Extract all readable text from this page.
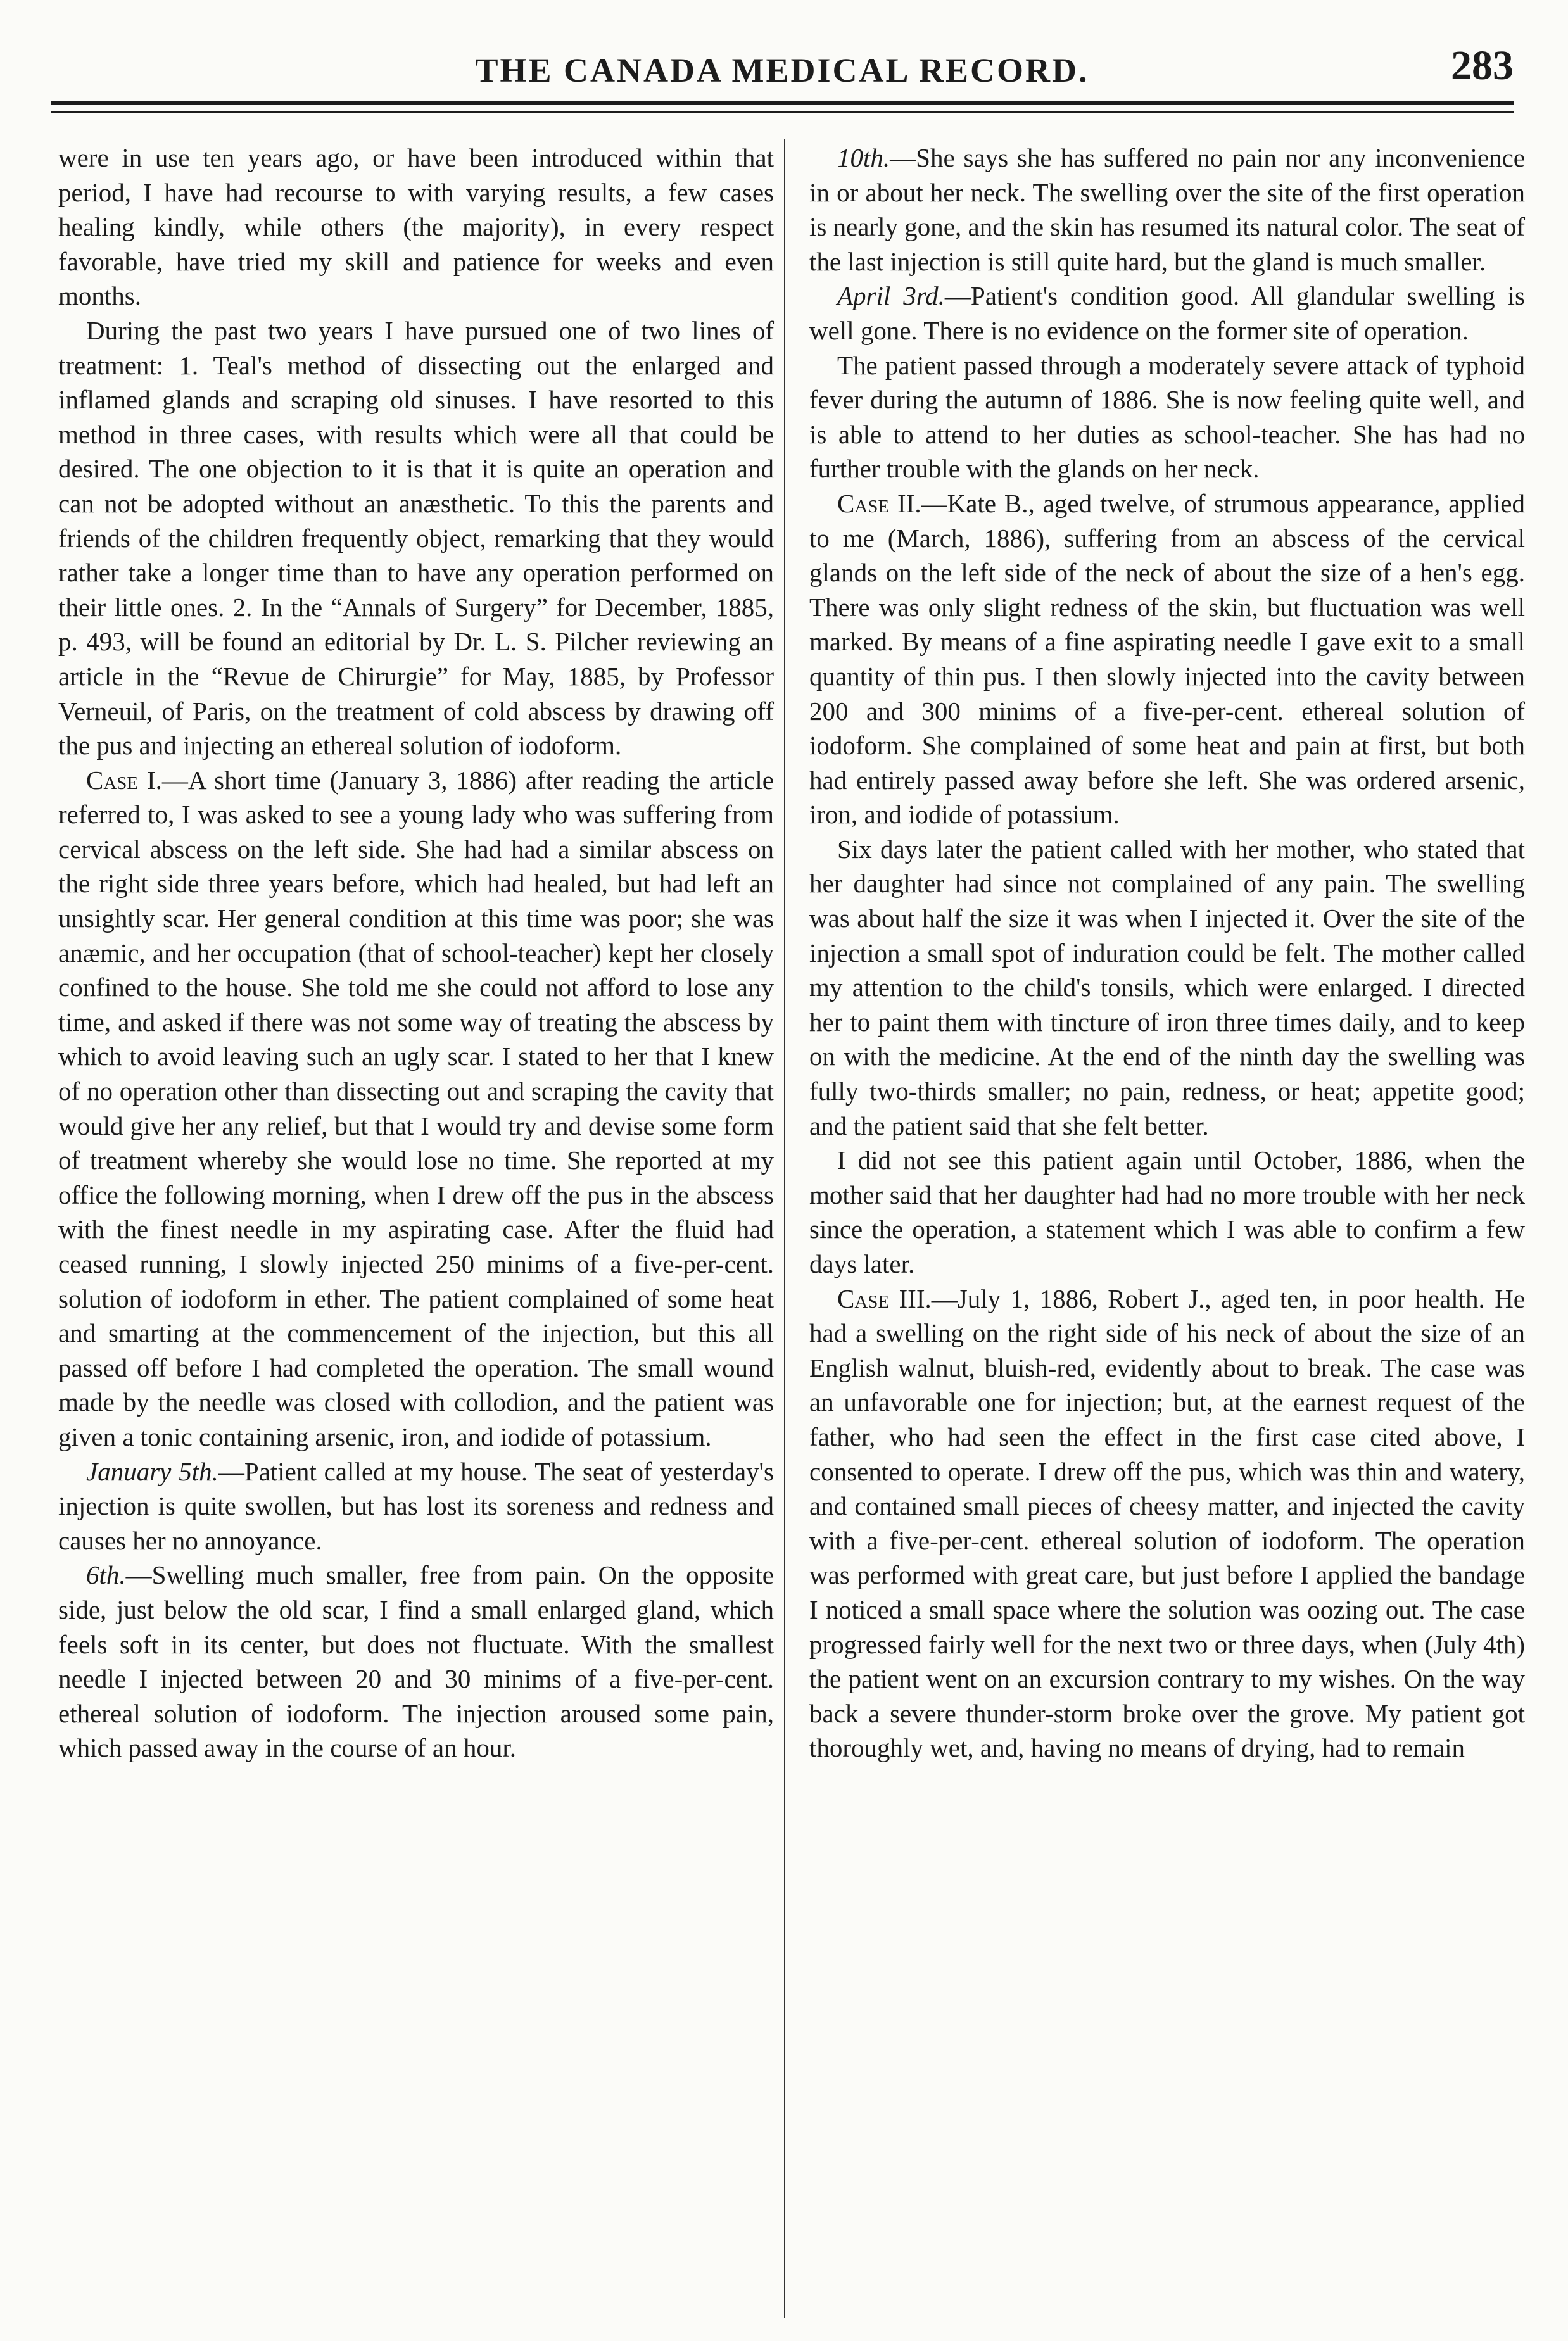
THE CANADA MEDICAL RECORD.	283

were in use ten years ago, or have been introduced within that period, I have had recourse to with varying results, a few cases healing kindly, while others (the majority), in every respect favorable, have tried my skill and patience for weeks and even months.

During the past two years I have pursued one of two lines of treatment: 1. Teal's method of dissecting out the enlarged and inflamed glands and scraping old sinuses. I have resorted to this method in three cases, with results which were all that could be desired. The one objection to it is that it is quite an operation and can not be adopted without an anæsthetic. To this the parents and friends of the children frequently object, remarking that they would rather take a longer time than to have any operation performed on their little ones. 2. In the “Annals of Surgery” for December, 1885, p. 493, will be found an editorial by Dr. L. S. Pilcher reviewing an article in the “Revue de Chirurgie” for May, 1885, by Professor Verneuil, of Paris, on the treatment of cold abscess by drawing off the pus and injecting an ethereal solution of iodoform.

Case I.—A short time (January 3, 1886) after reading the article referred to, I was asked to see a young lady who was suffering from cervical abscess on the left side. She had had a similar abscess on the right side three years before, which had healed, but had left an unsightly scar. Her general condition at this time was poor; she was anæmic, and her occupation (that of school-teacher) kept her closely confined to the house. She told me she could not afford to lose any time, and asked if there was not some way of treating the abscess by which to avoid leaving such an ugly scar. I stated to her that I knew of no operation other than dissecting out and scraping the cavity that would give her any relief, but that I would try and devise some form of treatment whereby she would lose no time. She reported at my office the following morning, when I drew off the pus in the abscess with the finest needle in my aspirating case. After the fluid had ceased running, I slowly injected 250 minims of a five-per-cent. solution of iodoform in ether. The patient complained of some heat and smarting at the commencement of the injection, but this all passed off before I had completed the operation. The small wound made by the needle was closed with collodion, and the patient was given a tonic containing arsenic, iron, and iodide of potassium.

January 5th.—Patient called at my house. The seat of yesterday's injection is quite swollen, but has lost its soreness and redness and causes her no annoyance.

6th.—Swelling much smaller, free from pain. On the opposite side, just below the old scar, I find a small enlarged gland, which feels soft in its center, but does not fluctuate. With the smallest needle I injected between 20 and 30 minims of a five-per-cent. ethereal solution of iodoform. The injection aroused some pain, which passed away in the course of an hour.

10th.—She says she has suffered no pain nor any inconvenience in or about her neck. The swelling over the site of the first operation is nearly gone, and the skin has resumed its natural color. The seat of the last injection is still quite hard, but the gland is much smaller.

April 3rd.—Patient's condition good. All glandular swelling is well gone. There is no evidence on the former site of operation.

The patient passed through a moderately severe attack of typhoid fever during the autumn of 1886. She is now feeling quite well, and is able to attend to her duties as school-teacher. She has had no further trouble with the glands on her neck.

Case II.—Kate B., aged twelve, of strumous appearance, applied to me (March, 1886), suffering from an abscess of the cervical glands on the left side of the neck of about the size of a hen's egg. There was only slight redness of the skin, but fluctuation was well marked. By means of a fine aspirating needle I gave exit to a small quantity of thin pus. I then slowly injected into the cavity between 200 and 300 minims of a five-per-cent. ethereal solution of iodoform. She complained of some heat and pain at first, but both had entirely passed away before she left. She was ordered arsenic, iron, and iodide of potassium.

Six days later the patient called with her mother, who stated that her daughter had since not complained of any pain. The swelling was about half the size it was when I injected it. Over the site of the injection a small spot of induration could be felt. The mother called my attention to the child's tonsils, which were enlarged. I directed her to paint them with tincture of iron three times daily, and to keep on with the medicine. At the end of the ninth day the swelling was fully two-thirds smaller; no pain, redness, or heat; appetite good; and the patient said that she felt better.

I did not see this patient again until October, 1886, when the mother said that her daughter had had no more trouble with her neck since the operation, a statement which I was able to confirm a few days later.

Case III.—July 1, 1886, Robert J., aged ten, in poor health. He had a swelling on the right side of his neck of about the size of an English walnut, bluish-red, evidently about to break. The case was an unfavorable one for injection; but, at the earnest request of the father, who had seen the effect in the first case cited above, I consented to operate. I drew off the pus, which was thin and watery, and contained small pieces of cheesy matter, and injected the cavity with a five-per-cent. ethereal solution of iodoform. The operation was performed with great care, but just before I applied the bandage I noticed a small space where the solution was oozing out. The case progressed fairly well for the next two or three days, when (July 4th) the patient went on an excursion contrary to my wishes. On the way back a severe thunder-storm broke over the grove. My patient got thoroughly wet, and, having no means of drying, had to remain
